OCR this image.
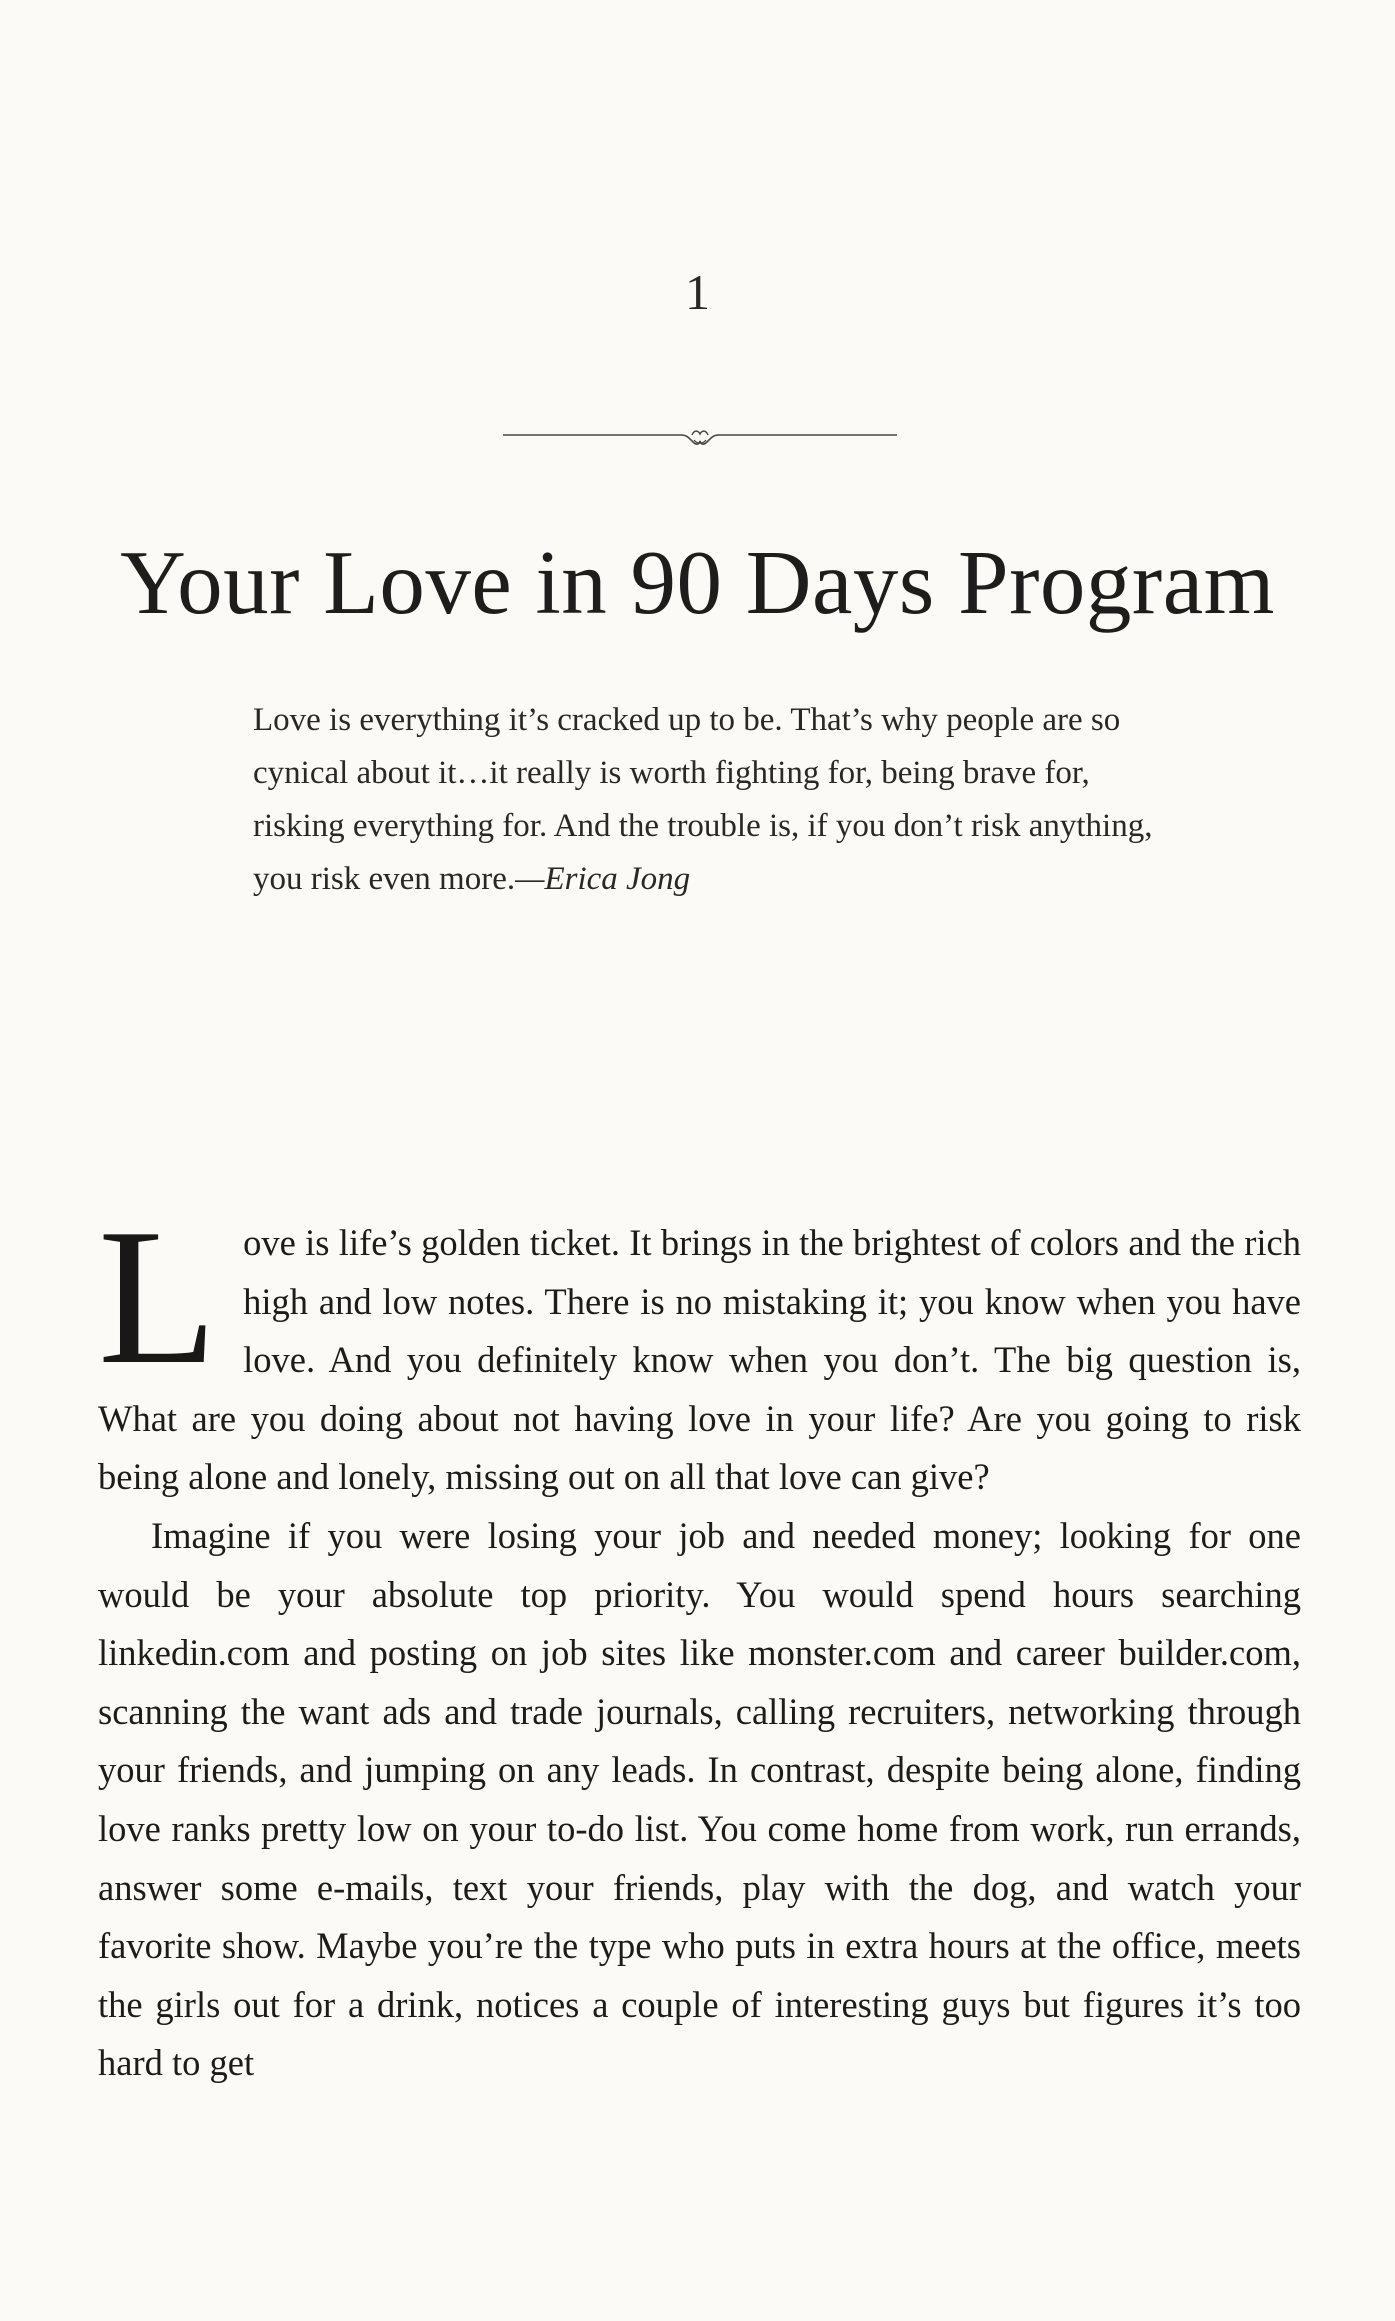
1
Your Love in 90 Days Program

Love is everything it’s cracked up to be. That’s why people are so cynical about it…it really is worth fighting for, being brave for, risking everything for. And the trouble is, if you don’t risk anything, you risk even more.—Erica Jong

Love is life’s golden ticket. It brings in the brightest of colors and the rich high and low notes. There is no mistaking it; you know when you have love. And you definitely know when you don’t. The big question is, What are you doing about not having love in your life? Are you going to risk being alone and lonely, missing out on all that love can give?

Imagine if you were losing your job and needed money; looking for one would be your absolute top priority. You would spend hours searching linkedin.com and posting on job sites like monster.com and career builder.com, scanning the want ads and trade journals, calling recruiters, networking through your friends, and jumping on any leads. In contrast, despite being alone, finding love ranks pretty low on your to-do list. You come home from work, run errands, answer some e-mails, text your friends, play with the dog, and watch your favorite show. Maybe you’re the type who puts in extra hours at the office, meets the girls out for a drink, notices a couple of interesting guys but figures it’s too hard to get
